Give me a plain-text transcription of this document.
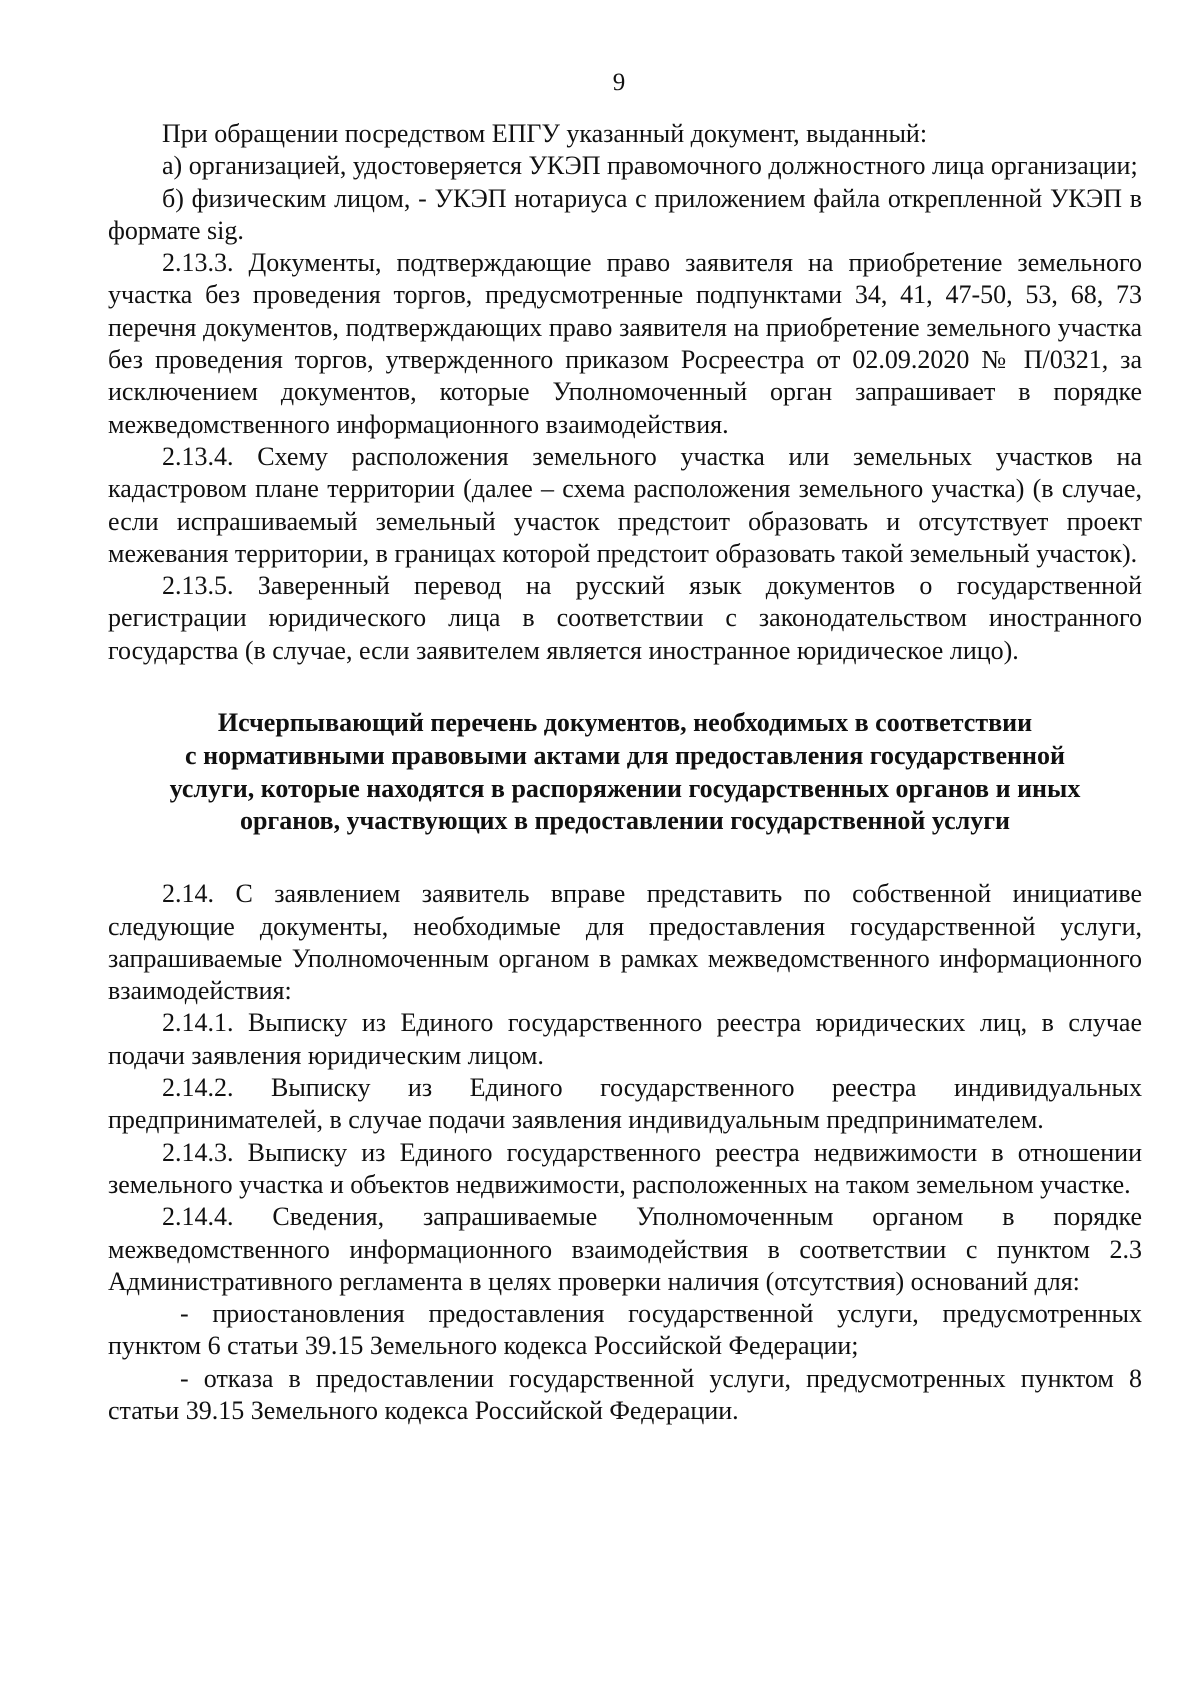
9

При обращении посредством ЕПГУ указанный документ, выданный:

а) организацией, удостоверяется УКЭП правомочного должностного лица организации;

б) физическим лицом, - УКЭП нотариуса с приложением файла открепленной УКЭП в формате sig.

2.13.3. Документы, подтверждающие право заявителя на приобретение земельного участка без проведения торгов, предусмотренные подпунктами 34, 41, 47-50, 53, 68, 73 перечня документов, подтверждающих право заявителя на приобретение земельного участка без проведения торгов, утвержденного приказом Росреестра от 02.09.2020 № П/0321, за исключением документов, которые Уполномоченный орган запрашивает в порядке межведомственного информационного взаимодействия.

2.13.4. Схему расположения земельного участка или земельных участков на кадастровом плане территории (далее – схема расположения земельного участка) (в случае, если испрашиваемый земельный участок предстоит образовать и отсутствует проект межевания территории, в границах которой предстоит образовать такой земельный участок).

2.13.5. Заверенный перевод на русский язык документов о государственной регистрации юридического лица в соответствии с законодательством иностранного государства (в случае, если заявителем является иностранное юридическое лицо).

Исчерпывающий перечень документов, необходимых в соответствии
с нормативными правовыми актами для предоставления государственной
услуги, которые находятся в распоряжении государственных органов и иных
органов, участвующих в предоставлении государственной услуги

2.14. С заявлением заявитель вправе представить по собственной инициативе следующие документы, необходимые для предоставления государственной услуги, запрашиваемые Уполномоченным органом в рамках межведомственного информационного взаимодействия:

2.14.1. Выписку из Единого государственного реестра юридических лиц, в случае подачи заявления юридическим лицом.

2.14.2. Выписку из Единого государственного реестра индивидуальных предпринимателей, в случае подачи заявления индивидуальным предпринимателем.

2.14.3. Выписку из Единого государственного реестра недвижимости в отношении земельного участка и объектов недвижимости, расположенных на таком земельном участке.

2.14.4. Сведения, запрашиваемые Уполномоченным органом в порядке межведомственного информационного взаимодействия в соответствии с пунктом 2.3 Административного регламента в целях проверки наличия (отсутствия) оснований для:

- приостановления предоставления государственной услуги, предусмотренных пунктом 6 статьи 39.15 Земельного кодекса Российской Федерации;

- отказа в предоставлении государственной услуги, предусмотренных пунктом 8 статьи 39.15 Земельного кодекса Российской Федерации.
